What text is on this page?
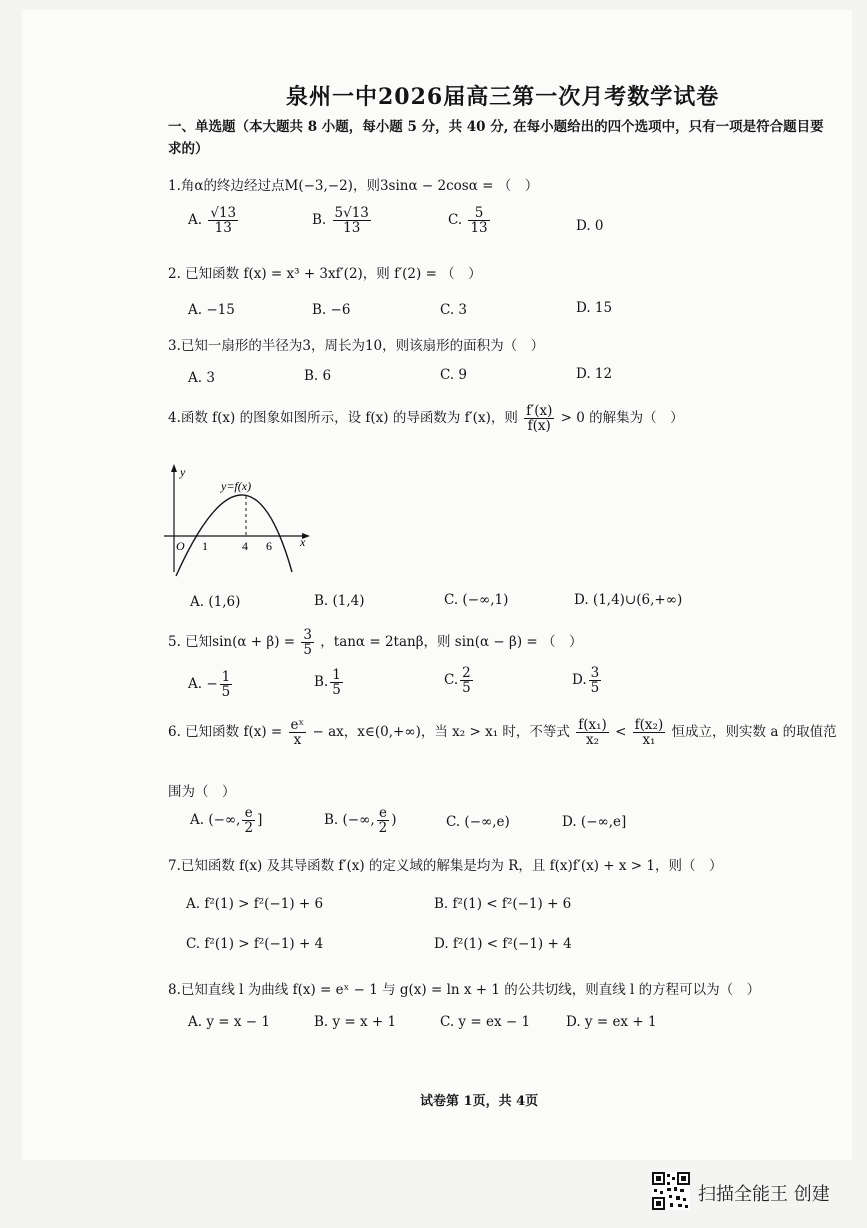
泉州一中2026届高三第一次月考数学试卷
一、单选题（本大题共 8 小题，每小题 5 分，共 40 分, 在每小题给出的四个选项中，只有一项是符合题目要求的）
1.角α的终边经过点M(−3,−2)，则3sinα − 2cosα = （　）
A. $\frac{√13}{13}$	B. $\frac{5√13}{13}$	C. $\frac{5}{13}$	D. 0
2. 已知函数 f(x) = x³ + 3xf′(2)，则 f′(2) = （　）
A. −15	B. −6	C. 3	D. 15
3.已知一扇形的半径为3，周长为10，则该扇形的面积为（　）
A. 3	B. 6	C. 9	D. 12
4.函数 f(x) 的图象如图所示，设 f(x) 的导函数为 f′(x)，则 $\frac{f'(x)}{f(x)} > 0$ 的解集为（　）
y
x
O
y=f(x)
1	4 6
A. (1,6)	B. (1,4)	C. (−∞,1)	D. (1,4)∪(6,+∞)
5. 已知$\sin(\alpha + \beta) = \frac{3}{5}$ ，tanα = 2tanβ，则 sin(α − β) = （　）
A. − $\frac{1}{5}$	B. $\frac{1}{5}$	C. $\frac{2}{5}$	D. $\frac{3}{5}$
6. 已知函数 $f(x) = \frac{\text{eˣ}}{x}$ − ax，x∈(0,+∞)，当 x₂ > x₁ 时，不等式 $\frac{\text{f(x₁)}}{\text{x₂}} < \frac{\text{f(x₂)}}{\text{x₁}}$ 恒成立，则实数 a 的取值范
围为（　）
A. (−∞, $\frac{e}{2}$ ]	B. (−∞, $\frac{e}{2}$ )	C. (−∞,e)	D. (−∞,e]
7.已知函数 f(x) 及其导函数 f′(x) 的定义域的解集是均为 R，且 f(x)f′(x) + x > 1，则（　）
A. f²(1) > f²(−1) + 6	B. f²(1) < f²(−1) + 6
C. f²(1) > f²(−1) + 4	D. f²(1) < f²(−1) + 4
8.已知直线 l 为曲线 f(x) = eˣ − 1 与 g(x) = ln x + 1 的公共切线，则直线 l 的方程可以为（　）
A. y = x − 1	B. y = x + 1	C. y = ex − 1	D. y = ex + 1
试卷第 1页，共 4页
扫描全能王 创建
